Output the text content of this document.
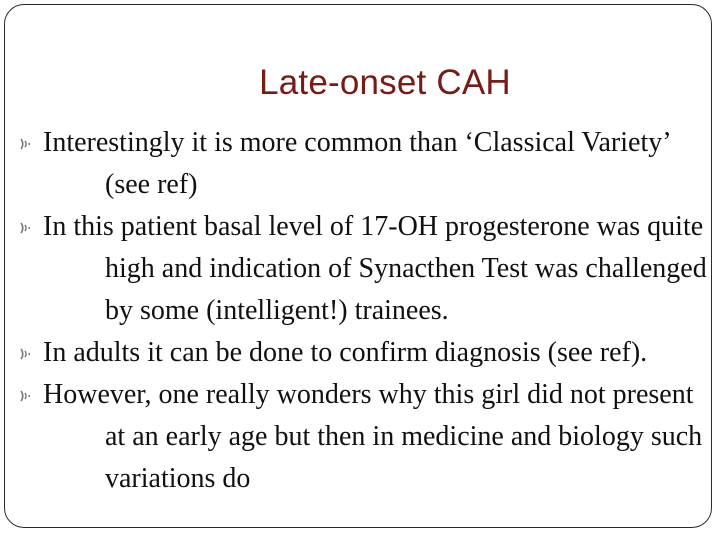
Late-onset CAH
Interestingly it is more common than ‘Classical Variety’ (see ref)
In this patient basal level of 17-OH progesterone was quite high and indication of Synacthen Test was challenged by some (intelligent!) trainees.
In adults it can be done to confirm diagnosis (see ref).
However, one really wonders why this girl did not present at an early age but then in medicine and biology such variations do
